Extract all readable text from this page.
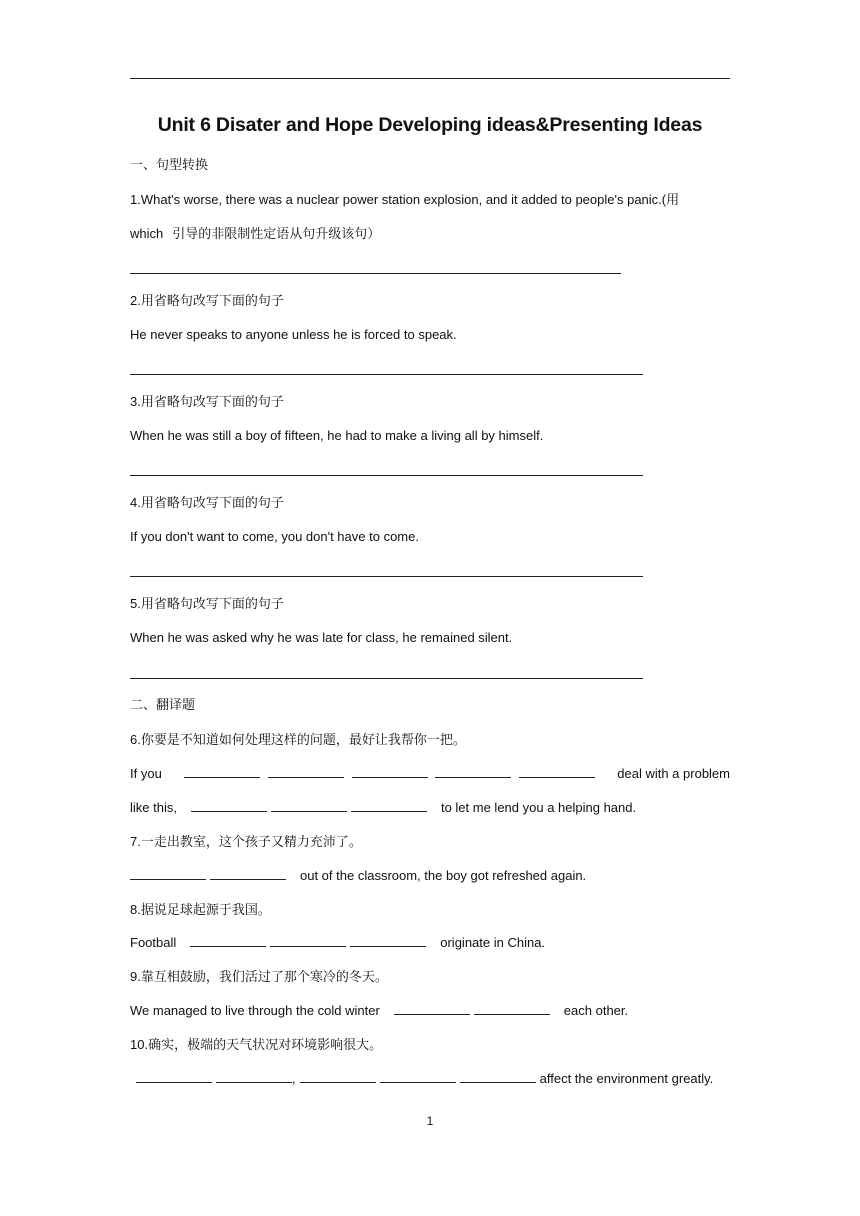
Unit 6 Disater and Hope Developing ideas&Presenting Ideas
一、句型转换
1.What's worse, there was a nuclear power station explosion, and it added to people's panic.(用
which 引导的非限制性定语从句升级该句）
2.用省略句改写下面的句子
He never speaks to anyone unless he is forced to speak.
3.用省略句改写下面的句子
When he was still a boy of fifteen, he had to make a living all by himself.
4.用省略句改写下面的句子
If you don't want to come, you don't have to come.
5.用省略句改写下面的句子
When he was asked why he was late for class, he remained silent.
二、翻译题
6.你要是不知道如何处理这样的问题，最好让我帮你一把。
If you
	deal with a problem
like this,	to let me lend you a helping hand.
7.一走出教室，这个孩子又精力充沛了。
out of the classroom, the boy got refreshed again.
8.据说足球起源于我国。
Football	originate in China.
9.靠互相鼓励，我们活过了那个寒冷的冬天。
We managed to live through the cold winter	each other.
10.确实，极端的天气状况对环境影响很大。
,	affect the environment greatly.
1
